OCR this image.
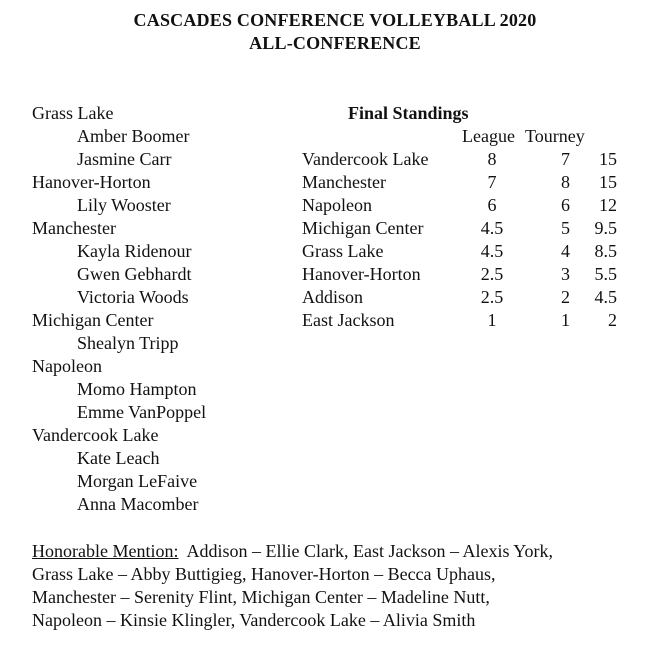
CASCADES CONFERENCE VOLLEYBALL 2020
ALL-CONFERENCE
Grass Lake
Amber Boomer
Jasmine Carr
Hanover-Horton
Lily Wooster
Manchester
Kayla Ridenour
Gwen Gebhardt
Victoria Woods
Michigan Center
Shealyn Tripp
Napoleon
Momo Hampton
Emme VanPoppel
Vandercook Lake
Kate Leach
Morgan LeFaive
Anna Macomber
Final Standings
League Tourney
Vandercook Lake	8	7	15
Manchester	7	8	15
Napoleon	6	6	12
Michigan Center	4.5	5	9.5
Grass Lake	4.5	4	8.5
Hanover-Horton	2.5	3	5.5
Addison	2.5	2	4.5
East Jackson	1	1	2
Honorable Mention: Addison – Ellie Clark, East Jackson – Alexis York,
Grass Lake – Abby Buttigieg, Hanover-Horton – Becca Uphaus,
Manchester – Serenity Flint, Michigan Center – Madeline Nutt,
Napoleon – Kinsie Klingler, Vandercook Lake – Alivia Smith
